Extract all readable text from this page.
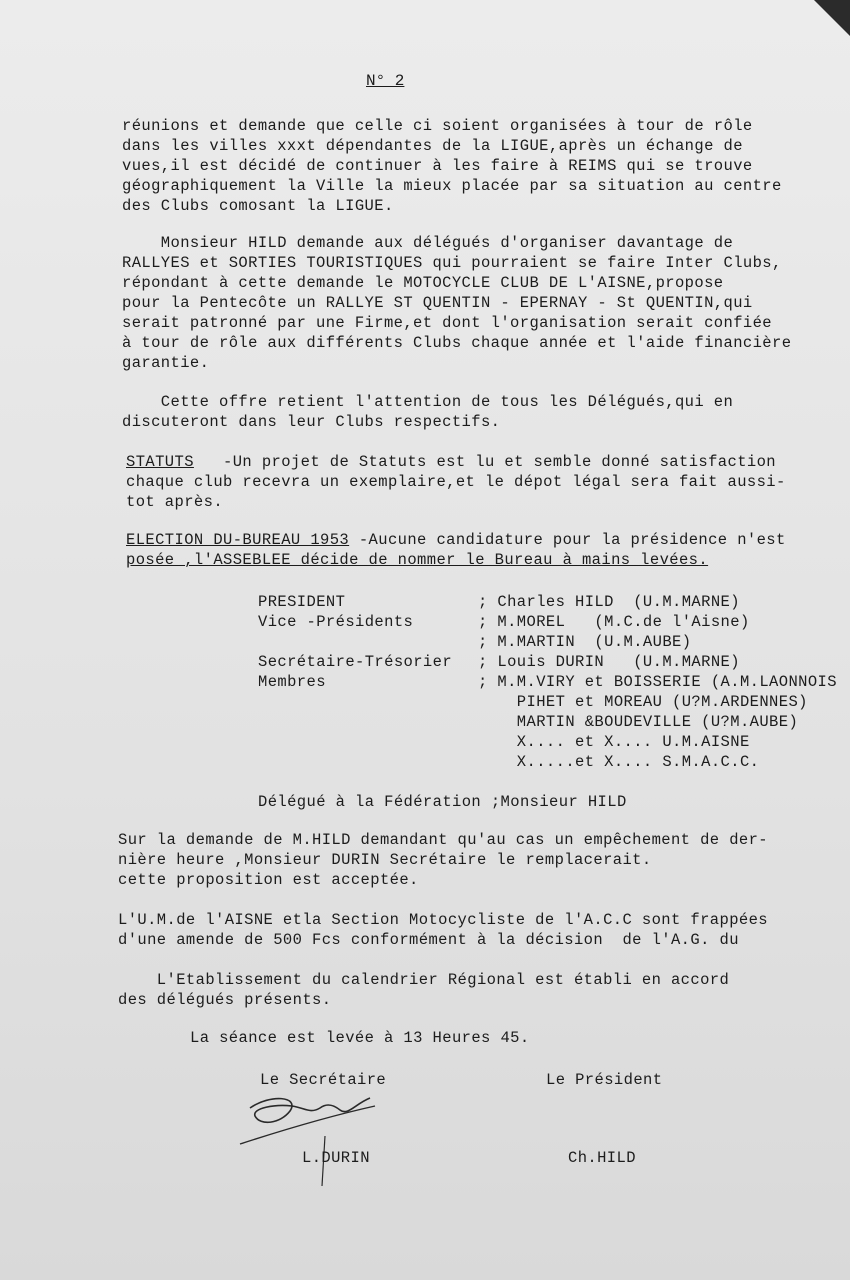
N° 2
réunions et demande que celle ci soient organisées à tour de rôle
dans les villes xxxt dépendantes de la LIGUE,après un échange de
vues,il est décidé de continuer à les faire à REIMS qui se trouve
géographiquement la Ville la mieux placée par sa situation au centre
des Clubs comosant la LIGUE.
Monsieur HILD demande aux délégués d'organiser davantage de
RALLYES et SORTIES TOURISTIQUES qui pourraient se faire Inter Clubs,
répondant à cette demande le MOTOCYCLE CLUB DE L'AISNE,propose
pour la Pentecôte un RALLYE ST QUENTIN - EPERNAY - St QUENTIN,qui
serait patronné par une Firme,et dont l'organisation serait confiée
à tour de rôle aux différents Clubs chaque année et l'aide financière
garantie.
Cette offre retient l'attention de tous les Délégués,qui en
discuteront dans leur Clubs respectifs.
STATUTS   -Un projet de Statuts est lu et semble donné satisfaction
chaque club recevra un exemplaire,et le dépot légal sera fait aussi-
tot après.
ELECTION DU-BUREAU 1953 -Aucune candidature pour la présidence n'est
posée ,l'ASSEBLEE décide de nommer le Bureau à mains levées.
PRESIDENT	; Charles HILD  (U.M.MARNE)
Vice -Présidents	; M.MOREL   (M.C.de l'Aisne)
; M.MARTIN  (U.M.AUBE)
Secrétaire-Trésorier ; Louis DURIN   (U.M.MARNE)
Membres	; M.M.VIRY et BOISSERIE (A.M.LAONNOIS
PIHET et MOREAU (U?M.ARDENNES)
MARTIN &BOUDEVILLE (U?M.AUBE)
X.... et X.... U.M.AISNE
X.....et X.... S.M.A.C.C.
Délégué à la Fédération ;Monsieur HILD
Sur la demande de M.HILD demandant qu'au cas un empêchement de der-
nière heure ,Monsieur DURIN Secrétaire le remplacerait.
cette proposition est acceptée.
L'U.M.de l'AISNE etla Section Motocycliste de l'A.C.C sont frappées
d'une amende de 500 Fcs conformément à la décision  de l'A.G. du
L'Etablissement du calendrier Régional est établi en accord
des délégués présents.
La séance est levée à 13 Heures 45.
Le Secrétaire	Le Président
L.DURIN	Ch.HILD
